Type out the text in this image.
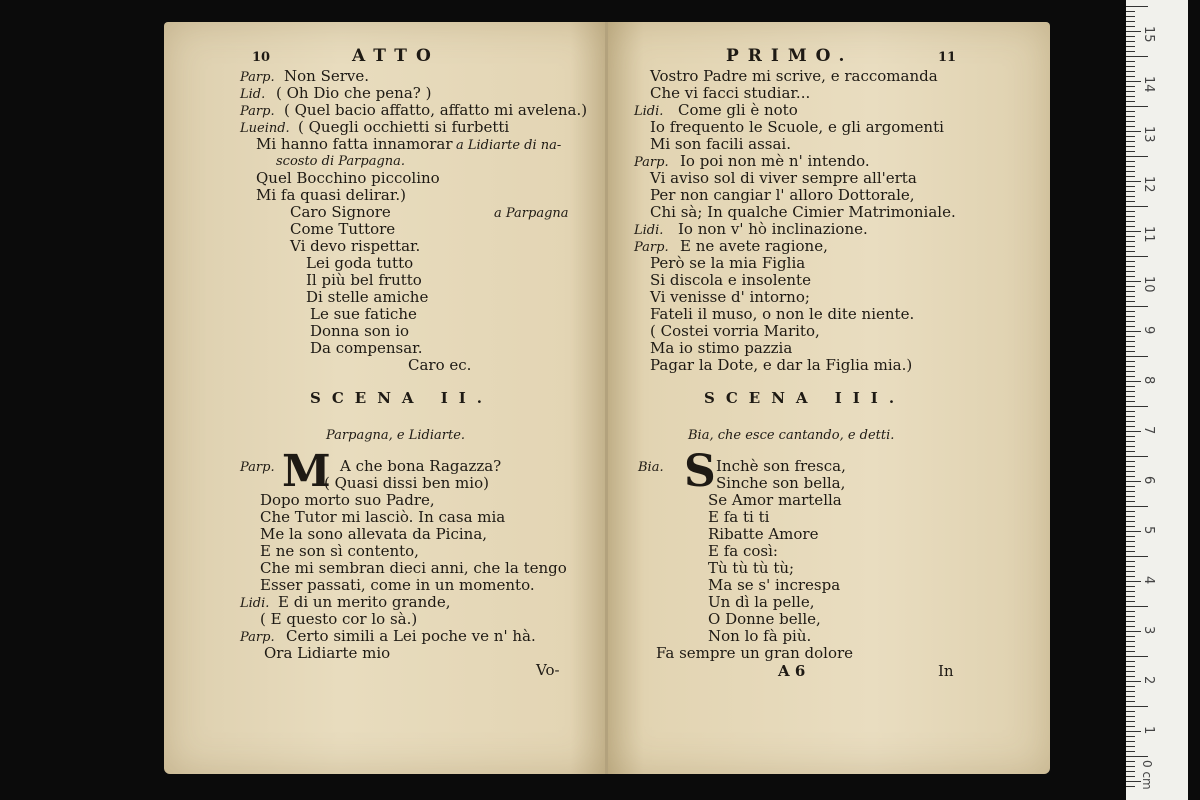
10	ATTO
Parp. Non Serve.
Lid. ( Oh Dio che pena? )
Parp. ( Quel bacio affatto, affatto mi avelena.)
Lueind. ( Quegli occhietti si furbetti
Mi hanno fatta innamorar a Lidiarte di na-
scosto di Parpagna.
Quel Bocchino piccolino
Mi fa quasi delirar.)
Caro Signore	a Parpagna
Come Tuttore
Vi devo rispettar.
Lei goda tutto
Il più bel frutto
Di stelle amiche
Le sue fatiche
Donna son io
Da compensar.
Caro ec.
SCENA II.
Parpagna, e Lidiarte.
Parp. M A che bona Ragazza?
( Quasi dissi ben mio)
Dopo morto suo Padre,
Che Tutor mi lasciò. In casa mia
Me la sono allevata da Picina,
E ne son sì contento,
Che mi sembran dieci anni, che la tengo
Esser passati, come in un momento.
Lidi. E di un merito grande,
( E questo cor lo sà.)
Parp. Certo simili a Lei poche ve n' hà.
Ora Lidiarte mio
Vo-
PRIMO.	11
Vostro Padre mi scrive, e raccomanda
Che vi facci studiar...
Lidi. Come gli è noto
Io frequento le Scuole, e gli argomenti
Mi son facili assai.
Parp. Io poi non mè n' intendo.
Vi aviso sol di viver sempre all'erta
Per non cangiar l' alloro Dottorale,
Chi sà; In qualche Cimier Matrimoniale.
Lidi. Io non v' hò inclinazione.
Parp. E ne avete ragione,
Però se la mia Figlia
Si discola e insolente
Vi venisse d' intorno;
Fateli il muso, o non le dite niente.
( Costei vorria Marito,
Ma io stimo pazzia
Pagar la Dote, e dar la Figlia mia.)
SCENA III.
Bia, che esce cantando, e detti.
Bia. S Inchè son fresca,
Sinche son bella,
Se Amor martella
E fa ti ti
Ribatte Amore
E fa così:
Tù tù tù tù;
Ma se s' increspa
Un dì la pelle,
O Donne belle,
Non lo fà più.
Fa sempre un gran dolore
A 6	In
15
14
13
12
11
10
9
8
7
6
5
4
3
2
1
0 cm
